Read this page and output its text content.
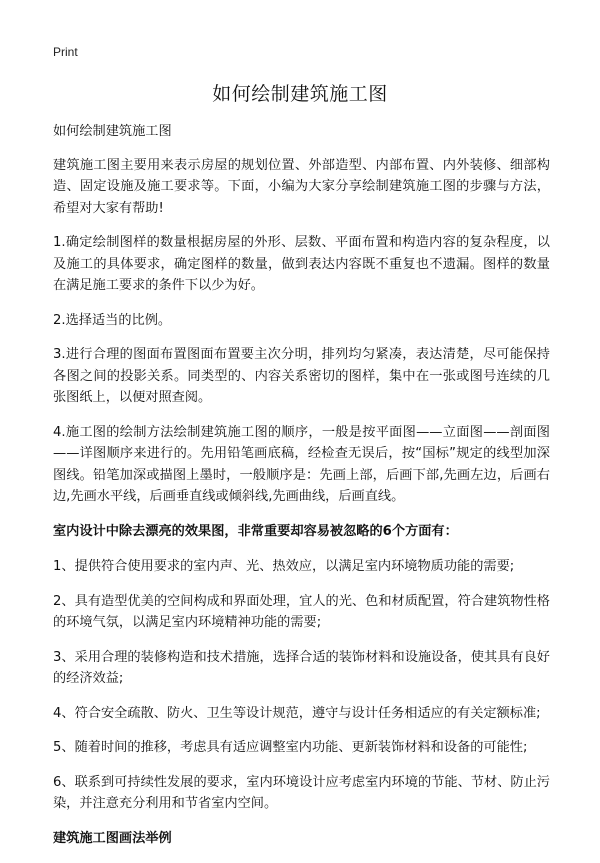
Print
如何绘制建筑施工图

如何绘制建筑施工图

建筑施工图主要用来表示房屋的规划位置、外部造型、内部布置、内外装修、细部构造、固定设施及施工要求等。下面，小编为大家分享绘制建筑施工图的步骤与方法，希望对大家有帮助!

1.确定绘制图样的数量根据房屋的外形、层数、平面布置和构造内容的复杂程度，以及施工的具体要求，确定图样的数量，做到表达内容既不重复也不遗漏。图样的数量在满足施工要求的条件下以少为好。

2.选择适当的比例。

3.进行合理的图面布置图面布置要主次分明，排列均匀紧凑，表达清楚，尽可能保持各图之间的投影关系。同类型的、内容关系密切的图样，集中在一张或图号连续的几张图纸上，以便对照查阅。

4.施工图的绘制方法绘制建筑施工图的顺序，一般是按平面图——立面图——剖面图——详图顺序来进行的。先用铅笔画底稿，经检查无误后，按“国标”规定的线型加深图线。铅笔加深或描图上墨时，一般顺序是：先画上部，后画下部,先画左边，后画右边,先画水平线，后画垂直线或倾斜线,先画曲线，后画直线。

室内设计中除去漂亮的效果图，非常重要却容易被忽略的6个方面有：

1、提供符合使用要求的室内声、光、热效应，以满足室内环境物质功能的需要;

2、具有造型优美的空间构成和界面处理，宜人的光、色和材质配置，符合建筑物性格的环境气氛，以满足室内环境精神功能的需要;

3、采用合理的装修构造和技术措施，选择合适的装饰材料和设施设备，使其具有良好的经济效益;

4、符合安全疏散、防火、卫生等设计规范，遵守与设计任务相适应的有关定额标准;

5、随着时间的推移，考虑具有适应调整室内功能、更新装饰材料和设备的可能性;

6、联系到可持续性发展的要求，室内环境设计应考虑室内环境的节能、节材、防止污染，并注意充分利用和节省室内空间。

建筑施工图画法举例
